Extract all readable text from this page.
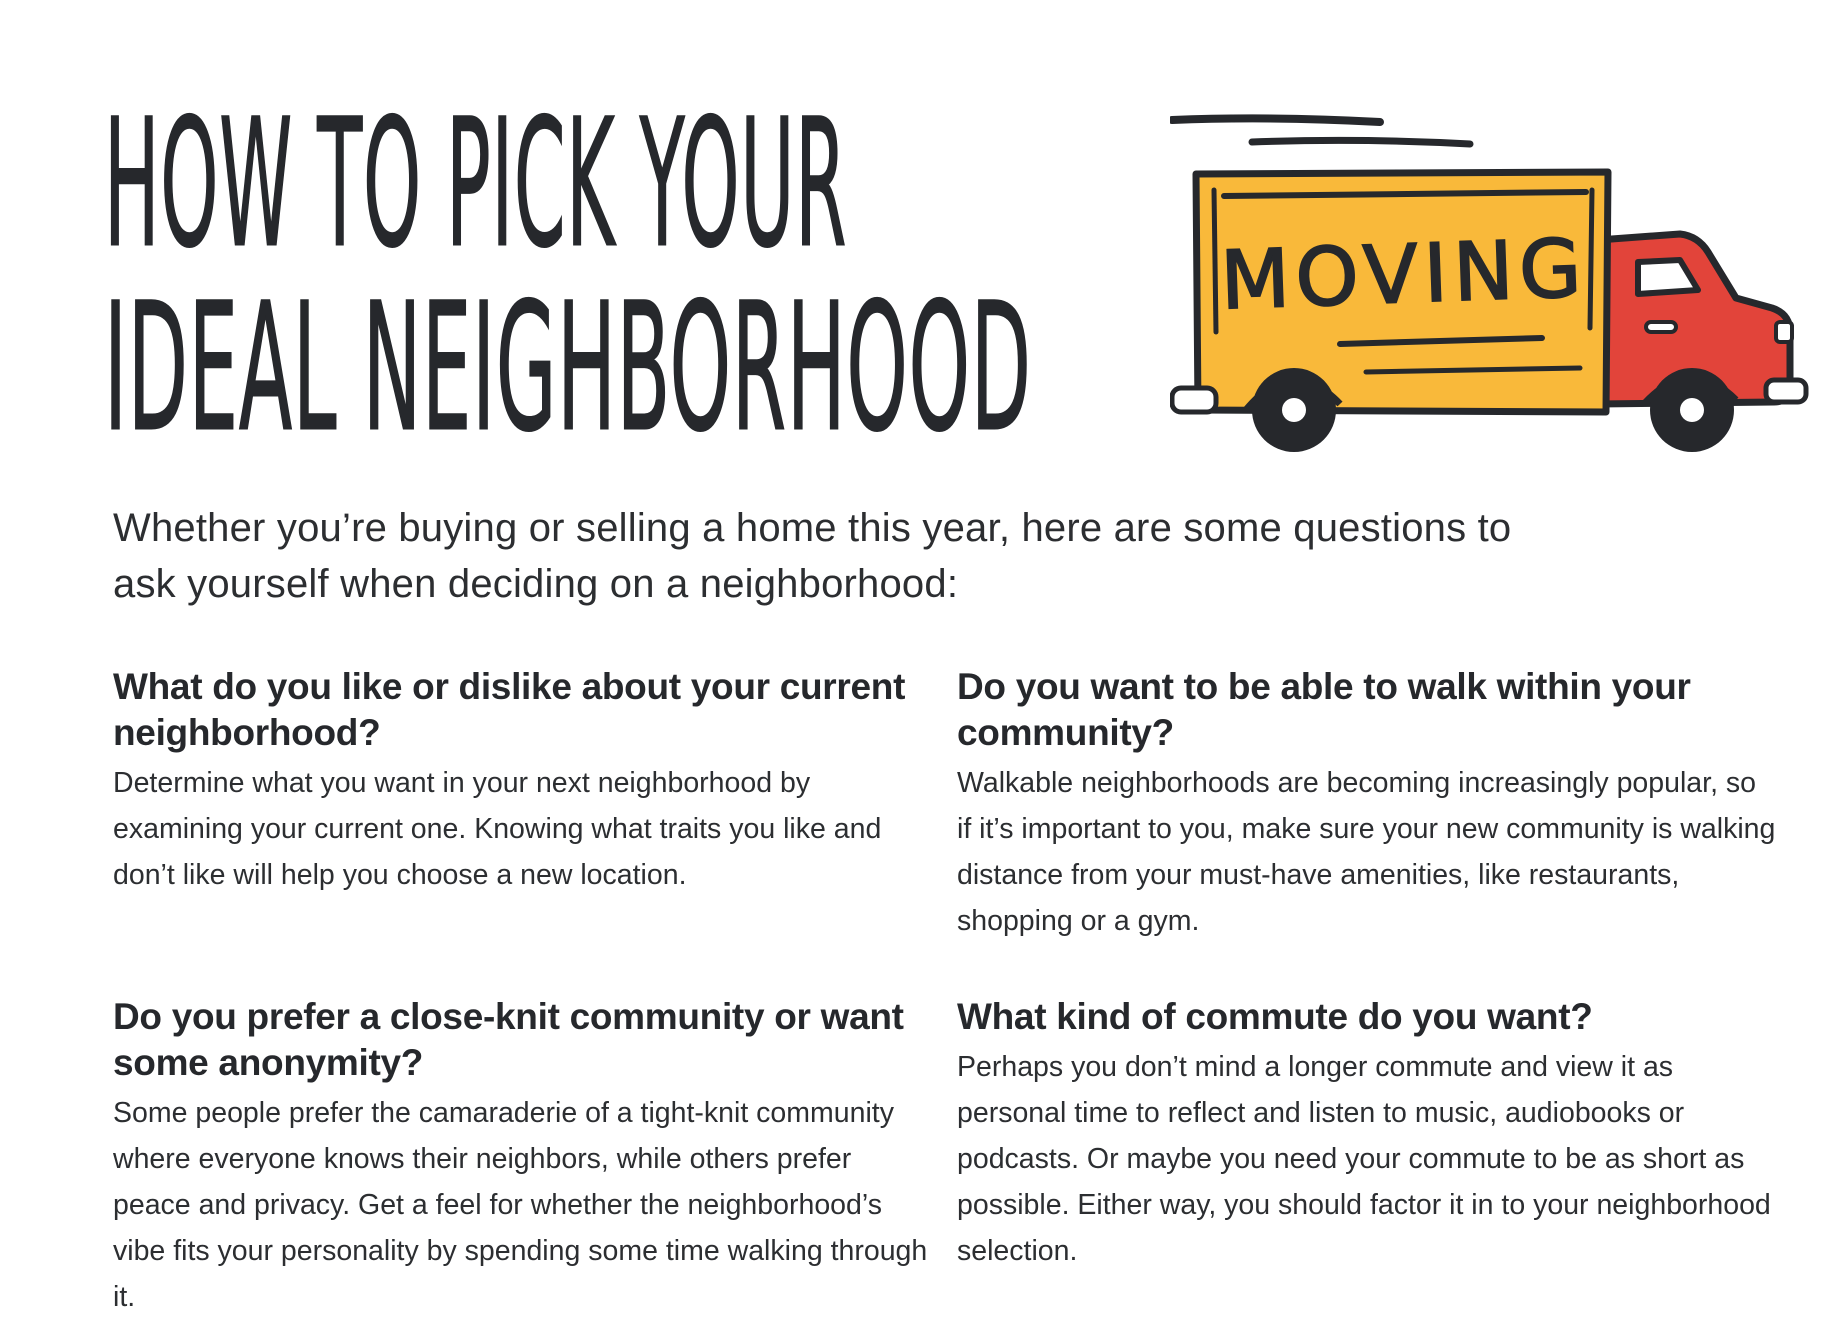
HOW TO PICK YOUR
IDEAL NEIGHBORHOOD MOVING
Whether you’re buying or selling a home this year, here are some questions to ask yourself when deciding on a neighborhood:
What do you like or dislike about your current neighborhood?

Determine what you want in your next neighborhood by examining your current one. Knowing what traits you like and don’t like will help you choose a new location.

Do you want to be able to walk within your community?

Walkable neighborhoods are becoming increasingly popular, so if it’s important to you, make sure your new community is walking distance from your must-have amenities, like restaurants, shopping or a gym.

Do you prefer a close-knit community or want some anonymity?

Some people prefer the camaraderie of a tight-knit community where everyone knows their neighbors, while others prefer peace and privacy. Get a feel for whether the neighborhood’s vibe fits your personality by spending some time walking through it.

What kind of commute do you want?

Perhaps you don’t mind a longer commute and view it as personal time to reflect and listen to music, audiobooks or podcasts. Or maybe you need your commute to be as short as possible. Either way, you should factor it in to your neighborhood selection.
